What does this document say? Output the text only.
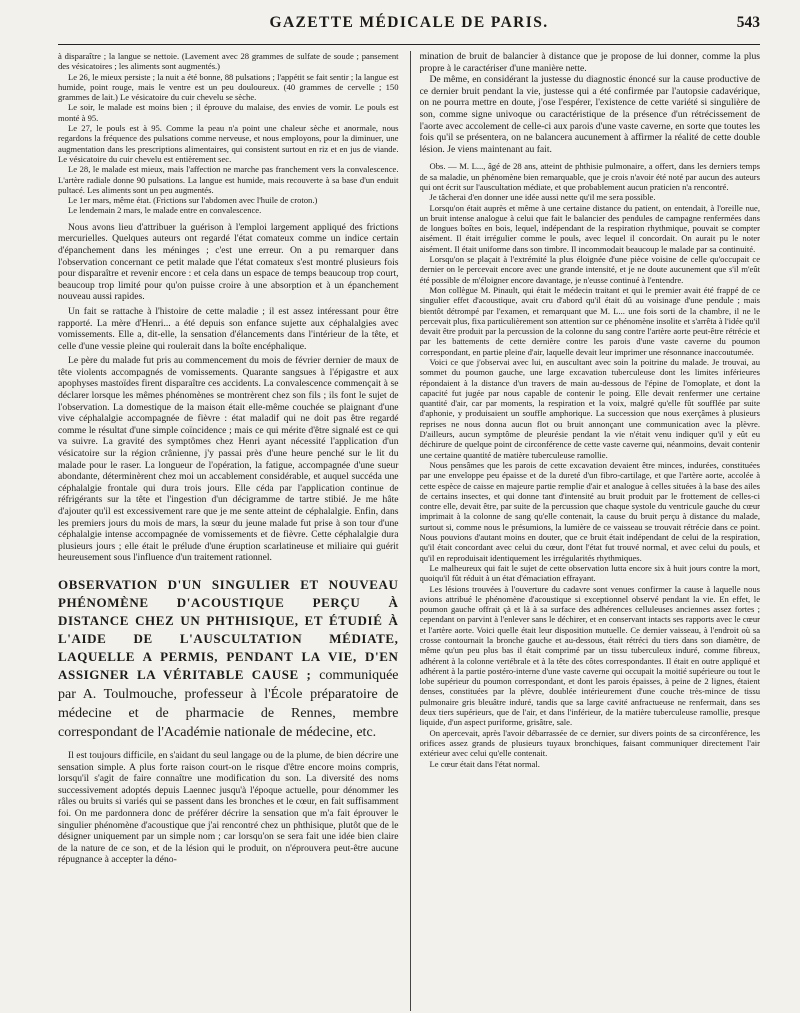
GAZETTE MÉDICALE DE PARIS.	543

à disparaître ; la langue se nettoie. (Lavement avec 28 grammes de sulfate de soude ; pansement des vésicatoires ; les aliments sont augmentés.)

Le 26, le mieux persiste ; la nuit a été bonne, 88 pulsations ; l'appétit se fait sentir ; la langue est humide, point rouge, mais le ventre est un peu douloureux. (40 grammes de cervelle ; 150 grammes de lait.) Le vésicatoire du cuir chevelu se sèche.

Le soir, le malade est moins bien ; il éprouve du malaise, des envies de vomir. Le pouls est monté à 95.

Le 27, le pouls est à 95. Comme la peau n'a point une chaleur sèche et anormale, nous regardons la fréquence des pulsations comme nerveuse, et nous employons, pour la diminuer, une augmentation dans les prescriptions alimentaires, qui consistent surtout en riz et en jus de viande. Le vésicatoire du cuir chevelu est entièrement sec.

Le 28, le malade est mieux, mais l'affection ne marche pas franchement vers la convalescence. L'artère radiale donne 90 pulsations. La langue est humide, mais recouverte à sa base d'un enduit pultacé. Les aliments sont un peu augmentés.

Le 1er mars, même état. (Frictions sur l'abdomen avec l'huile de croton.)

Le lendemain 2 mars, le malade entre en convalescence.

Nous avons lieu d'attribuer la guérison à l'emploi largement appliqué des frictions mercurielles. Quelques auteurs ont regardé l'état comateux comme un indice certain d'épanchement dans les méninges ; c'est une erreur. On a pu remarquer dans l'observation concernant ce petit malade que l'état comateux s'est montré plusieurs fois pour disparaître et revenir encore : et cela dans un espace de temps beaucoup trop court, beaucoup trop limité pour qu'on puisse croire à une absorption et à un épanchement nouveau aussi rapides.

Un fait se rattache à l'histoire de cette maladie ; il est assez intéressant pour être rapporté. La mère d'Henri... a été depuis son enfance sujette aux céphalalgies avec vomissements. Elle a, dit-elle, la sensation d'élancements dans l'intérieur de la tête, et celle d'une vessie pleine qui roulerait dans la boîte encéphalique.

Le père du malade fut pris au commencement du mois de février dernier de maux de tête violents accompagnés de vomissements. Quarante sangsues à l'épigastre et aux apophyses mastoïdes firent disparaître ces accidents. La convalescence commençait à se déclarer lorsque les mêmes phénomènes se montrèrent chez son fils ; ils font le sujet de l'observation. La domestique de la maison était elle-même couchée se plaignant d'une vive céphalalgie accompagnée de fièvre : état maladif qui ne doit pas être regardé comme le résultat d'une simple coïncidence ; mais ce qui mérite d'être signalé est ce qui va suivre. La gravité des symptômes chez Henri ayant nécessité l'application d'un vésicatoire sur la région crânienne, j'y passai près d'une heure penché sur le lit du malade pour le raser. La longueur de l'opération, la fatigue, accompagnée d'une sueur abondante, déterminèrent chez moi un accablement considérable, et auquel succéda une céphalalgie frontale qui dura trois jours. Elle céda par l'application continue de réfrigérants sur la tête et l'ingestion d'un décigramme de tartre stibié. Je me hâte d'ajouter qu'il est excessivement rare que je me sente atteint de céphalalgie. Enfin, dans les premiers jours du mois de mars, la sœur du jeune malade fut prise à son tour d'une céphalalgie intense accompagnée de vomissements et de fièvre. Cette céphalalgie dura plusieurs jours ; elle était le prélude d'une éruption scarlatineuse et miliaire qui guérit heureusement sous l'influence d'un traitement rationnel.

OBSERVATION D'UN SINGULIER ET NOUVEAU PHÉNOMÈNE D'ACOUSTIQUE PERÇU À DISTANCE CHEZ UN PHTHISIQUE, ET ÉTUDIÉ À L'AIDE DE L'AUSCULTATION MÉDIATE, LAQUELLE A PERMIS, PENDANT LA VIE, D'EN ASSIGNER LA VÉRITABLE CAUSE ; communiquée par A. Toulmouche, professeur à l'École préparatoire de médecine et de pharmacie de Rennes, membre correspondant de l'Académie nationale de médecine, etc.

Il est toujours difficile, en s'aidant du seul langage ou de la plume, de bien décrire une sensation simple. A plus forte raison court-on le risque d'être encore moins compris, lorsqu'il s'agit de faire connaître une modification du son. La diversité des noms successivement adoptés depuis Laennec jusqu'à l'époque actuelle, pour dénommer les râles ou bruits si variés qui se passent dans les bronches et le cœur, en fait suffisamment foi. On me pardonnera donc de préférer décrire la sensation que m'a fait éprouver le singulier phénomène d'acoustique que j'ai rencontré chez un phthisique, plutôt que de le désigner uniquement par un simple nom ; car lorsqu'on se sera fait une idée bien claire de la nature de ce son, et de la lésion qui le produit, on n'éprouvera peut-être aucune répugnance à accepter la déno-

mination de bruit de balancier à distance que je propose de lui donner, comme la plus propre à le caractériser d'une manière nette.

De même, en considérant la justesse du diagnostic énoncé sur la cause productive de ce dernier bruit pendant la vie, justesse qui a été confirmée par l'autopsie cadavérique, on ne pourra mettre en doute, j'ose l'espérer, l'existence de cette variété si singulière de son, comme signe univoque ou caractéristique de la présence d'un rétrécissement de l'aorte avec accolement de celle-ci aux parois d'une vaste caverne, en sorte que toutes les fois qu'il se présentera, on ne balancera aucunement à affirmer la réalité de cette double lésion. Je viens maintenant au fait.

Obs. — M. L..., âgé de 28 ans, atteint de phthisie pulmonaire, a offert, dans les derniers temps de sa maladie, un phénomène bien remarquable, que je crois n'avoir été noté par aucun des auteurs qui ont écrit sur l'auscultation médiate, et que probablement aucun praticien n'a rencontré.

Je tâcherai d'en donner une idée aussi nette qu'il me sera possible.

Lorsqu'on était auprès et même à une certaine distance du patient, on entendait, à l'oreille nue, un bruit intense analogue à celui que fait le balancier des pendules de campagne renfermées dans de longues boîtes en bois, lequel, indépendant de la respiration rhythmique, pouvait se compter aisément. Il était irrégulier comme le pouls, avec lequel il concordait. On aurait pu le noter aisément. Il était uniforme dans son timbre. Il incommodait beaucoup le malade par sa continuité.

Lorsqu'on se plaçait à l'extrémité la plus éloignée d'une pièce voisine de celle qu'occupait ce dernier on le percevait encore avec une grande intensité, et je ne doute aucunement que s'il m'eût été possible de m'éloigner encore davantage, je n'eusse continué à l'entendre.

Mon collègue M. Pinault, qui était le médecin traitant et qui le premier avait été frappé de ce singulier effet d'acoustique, avait cru d'abord qu'il était dû au voisinage d'une pendule ; mais bientôt détrompé par l'examen, et remarquant que M. L... une fois sorti de la chambre, il ne le percevait plus, fixa particulièrement son attention sur ce phénomène insolite et s'arrêta à l'idée qu'il devait être produit par la percussion de la colonne du sang contre l'artère aorte peut-être rétrécie et par les battements de cette dernière contre les parois d'une vaste caverne du poumon correspondant, en partie pleine d'air, laquelle devait leur imprimer une résonnance inaccoutumée.

Voici ce que j'observai avec lui, en auscultant avec soin la poitrine du malade. Je trouvai, au sommet du poumon gauche, une large excavation tuberculeuse dont les limites inférieures répondaient à la distance d'un travers de main au-dessous de l'épine de l'omoplate, et dont la capacité fut jugée par nous capable de contenir le poing. Elle devait renfermer une certaine quantité d'air, car par moments, la respiration et la voix, malgré qu'elle fût soufflée par suite d'aphonie, y produisaient un souffle amphorique. La succession que nous exerçâmes à plusieurs reprises ne nous donna aucun flot ou bruit annonçant une communication avec la plèvre. D'ailleurs, aucun symptôme de pleurésie pendant la vie n'était venu indiquer qu'il y eût eu déchirure de quelque point de circonférence de cette vaste caverne qui, néanmoins, devait contenir une certaine quantité de matière tuberculeuse ramollie.

Nous pensâmes que les parois de cette excavation devaient être minces, indurées, constituées par une enveloppe peu épaisse et de la dureté d'un fibro-cartilage, et que l'artère aorte, accolée à cette espèce de caisse en majeure partie remplie d'air et analogue à celles situées à la base des ailes de certains insectes, et qui donne tant d'intensité au bruit produit par le frottement de celles-ci contre elle, devait être, par suite de la percussion que chaque systole du ventricule gauche du cœur imprimait à la colonne de sang qu'elle contenait, la cause du bruit perçu à distance du malade, surtout si, comme nous le présumions, la lumière de ce vaisseau se trouvait rétrécie dans ce point. Nous pouvions d'autant moins en douter, que ce bruit était indépendant de celui de la respiration, qu'il était concordant avec celui du cœur, dont l'état fut trouvé normal, et avec celui du pouls, et qu'il en reproduisait identiquement les irrégularités rhythmiques.

Le malheureux qui fait le sujet de cette observation lutta encore six à huit jours contre la mort, quoiqu'il fût réduit à un état d'émaciation effrayant.

Les lésions trouvées à l'ouverture du cadavre sont venues confirmer la cause à laquelle nous avions attribué le phénomène d'acoustique si exceptionnel observé pendant la vie. En effet, le poumon gauche offrait çà et là à sa surface des adhérences celluleuses anciennes assez fortes ; cependant on parvint à l'enlever sans le déchirer, et en conservant intacts ses rapports avec le cœur et l'artère aorte. Voici quelle était leur disposition mutuelle. Ce dernier vaisseau, à l'endroit où sa crosse contournait la bronche gauche et au-dessous, était rétréci du tiers dans son diamètre, de même qu'un peu plus bas il était comprimé par un tissu tuberculeux induré, comme fibreux, adhérent à la colonne vertébrale et à la tête des côtes correspondantes. Il était en outre appliqué et adhérent à la partie postéro-interne d'une vaste caverne qui occupait la moitié supérieure ou tout le lobe supérieur du poumon correspondant, et dont les parois épaisses, à peine de 2 lignes, étaient denses, constituées par la plèvre, doublée intérieurement d'une couche très-mince de tissu pulmonaire gris bleuâtre induré, tandis que sa large cavité anfractueuse ne renfermait, dans ses deux tiers supérieurs, que de l'air, et dans l'inférieur, de la matière tuberculeuse ramollie, presque liquide, d'un aspect puriforme, grisâtre, sale.

On apercevait, après l'avoir débarrassée de ce dernier, sur divers points de sa circonférence, les orifices assez grands de plusieurs tuyaux bronchiques, faisant communiquer directement l'air extérieur avec celui qu'elle contenait.

Le cœur était dans l'état normal.
